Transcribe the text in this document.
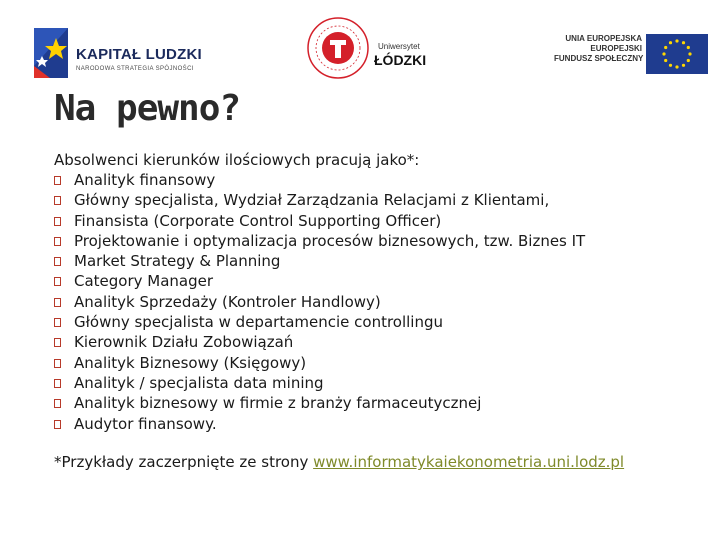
KAPITAŁ LUDZKI
NARODOWA STRATEGIA SPÓJNOŚCI
Uniwersytet
ŁÓDZKI
UNIA EUROPEJSKA
EUROPEJSKI
FUNDUSZ SPOŁECZNY
Na pewno?
Absolwenci kierunków ilościowych pracują jako*:
Analityk finansowy
Główny specjalista, Wydział Zarządzania Relacjami z Klientami,
Finansista (Corporate Control Supporting Officer)
Projektowanie i optymalizacja procesów biznesowych, tzw. Biznes IT
Market Strategy & Planning
Category Manager
Analityk Sprzedaży (Kontroler Handlowy)
Główny specjalista w departamencie controllingu
Kierownik Działu Zobowiązań
Analityk Biznesowy (Księgowy)
Analityk / specjalista data mining
Analityk biznesowy w firmie z branży farmaceutycznej
Audytor finansowy.
*Przykłady zaczerpnięte ze strony www.informatykaiekonometria.uni.lodz.pl
